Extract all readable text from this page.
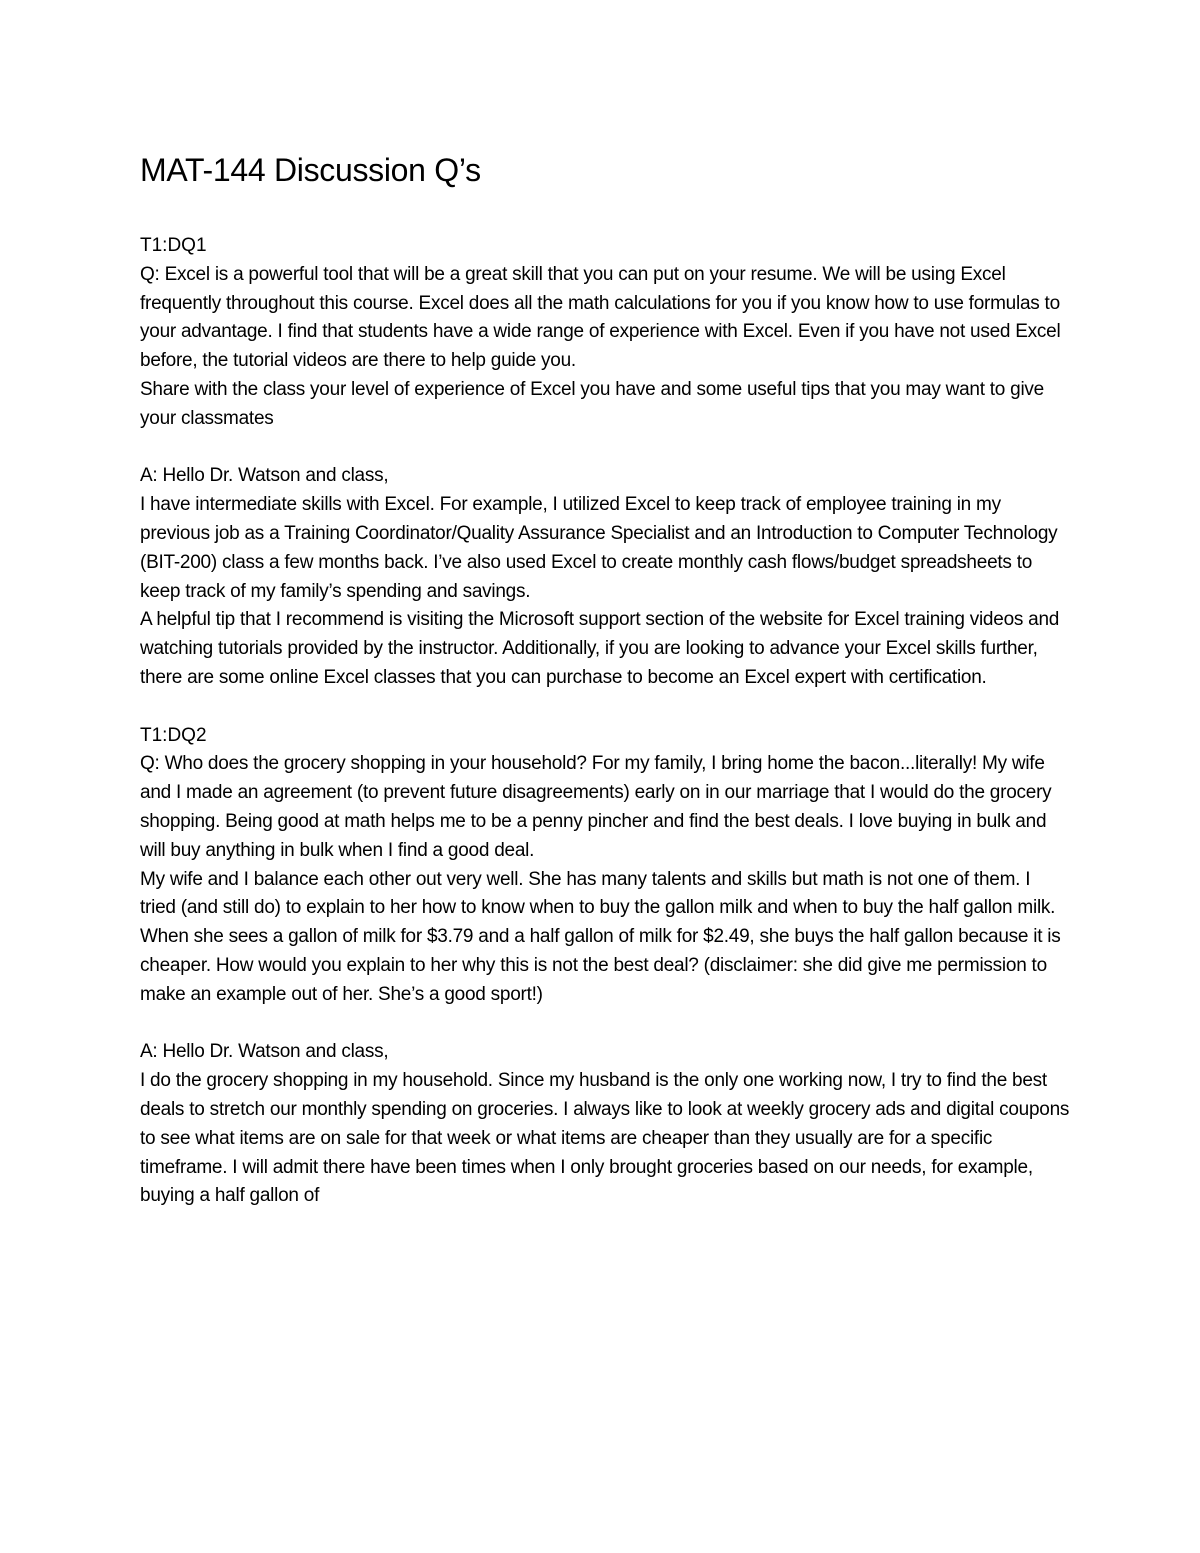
MAT-144 Discussion Q’s

T1:DQ1

Q: Excel is a powerful tool that will be a great skill that you can put on your resume. We will be using Excel frequently throughout this course. Excel does all the math calculations for you if you know how to use formulas to your advantage. I find that students have a wide range of experience with Excel. Even if you have not used Excel before, the tutorial videos are there to help guide you.

Share with the class your level of experience of Excel you have and some useful tips that you may want to give your classmates

A: Hello Dr. Watson and class,

I have intermediate skills with Excel. For example, I utilized Excel to keep track of employee training in my previous job as a Training Coordinator/Quality Assurance Specialist and an Introduction to Computer Technology (BIT-200) class a few months back. I’ve also used Excel to create monthly cash flows/budget spreadsheets to keep track of my family’s spending and savings.

A helpful tip that I recommend is visiting the Microsoft support section of the website for Excel training videos and watching tutorials provided by the instructor. Additionally, if you are looking to advance your Excel skills further, there are some online Excel classes that you can purchase to become an Excel expert with certification.

T1:DQ2

Q: Who does the grocery shopping in your household? For my family, I bring home the bacon...literally! My wife and I made an agreement (to prevent future disagreements) early on in our marriage that I would do the grocery shopping. Being good at math helps me to be a penny pincher and find the best deals. I love buying in bulk and will buy anything in bulk when I find a good deal.

My wife and I balance each other out very well. She has many talents and skills but math is not one of them. I tried (and still do) to explain to her how to know when to buy the gallon milk and when to buy the half gallon milk. When she sees a gallon of milk for $3.79 and a half gallon of milk for $2.49, she buys the half gallon because it is cheaper. How would you explain to her why this is not the best deal? (disclaimer: she did give me permission to make an example out of her. She’s a good sport!)

A: Hello Dr. Watson and class,

I do the grocery shopping in my household. Since my husband is the only one working now, I try to find the best deals to stretch our monthly spending on groceries. I always like to look at weekly grocery ads and digital coupons to see what items are on sale for that week or what items are cheaper than they usually are for a specific timeframe. I will admit there have been times when I only brought groceries based on our needs, for example, buying a half gallon of
